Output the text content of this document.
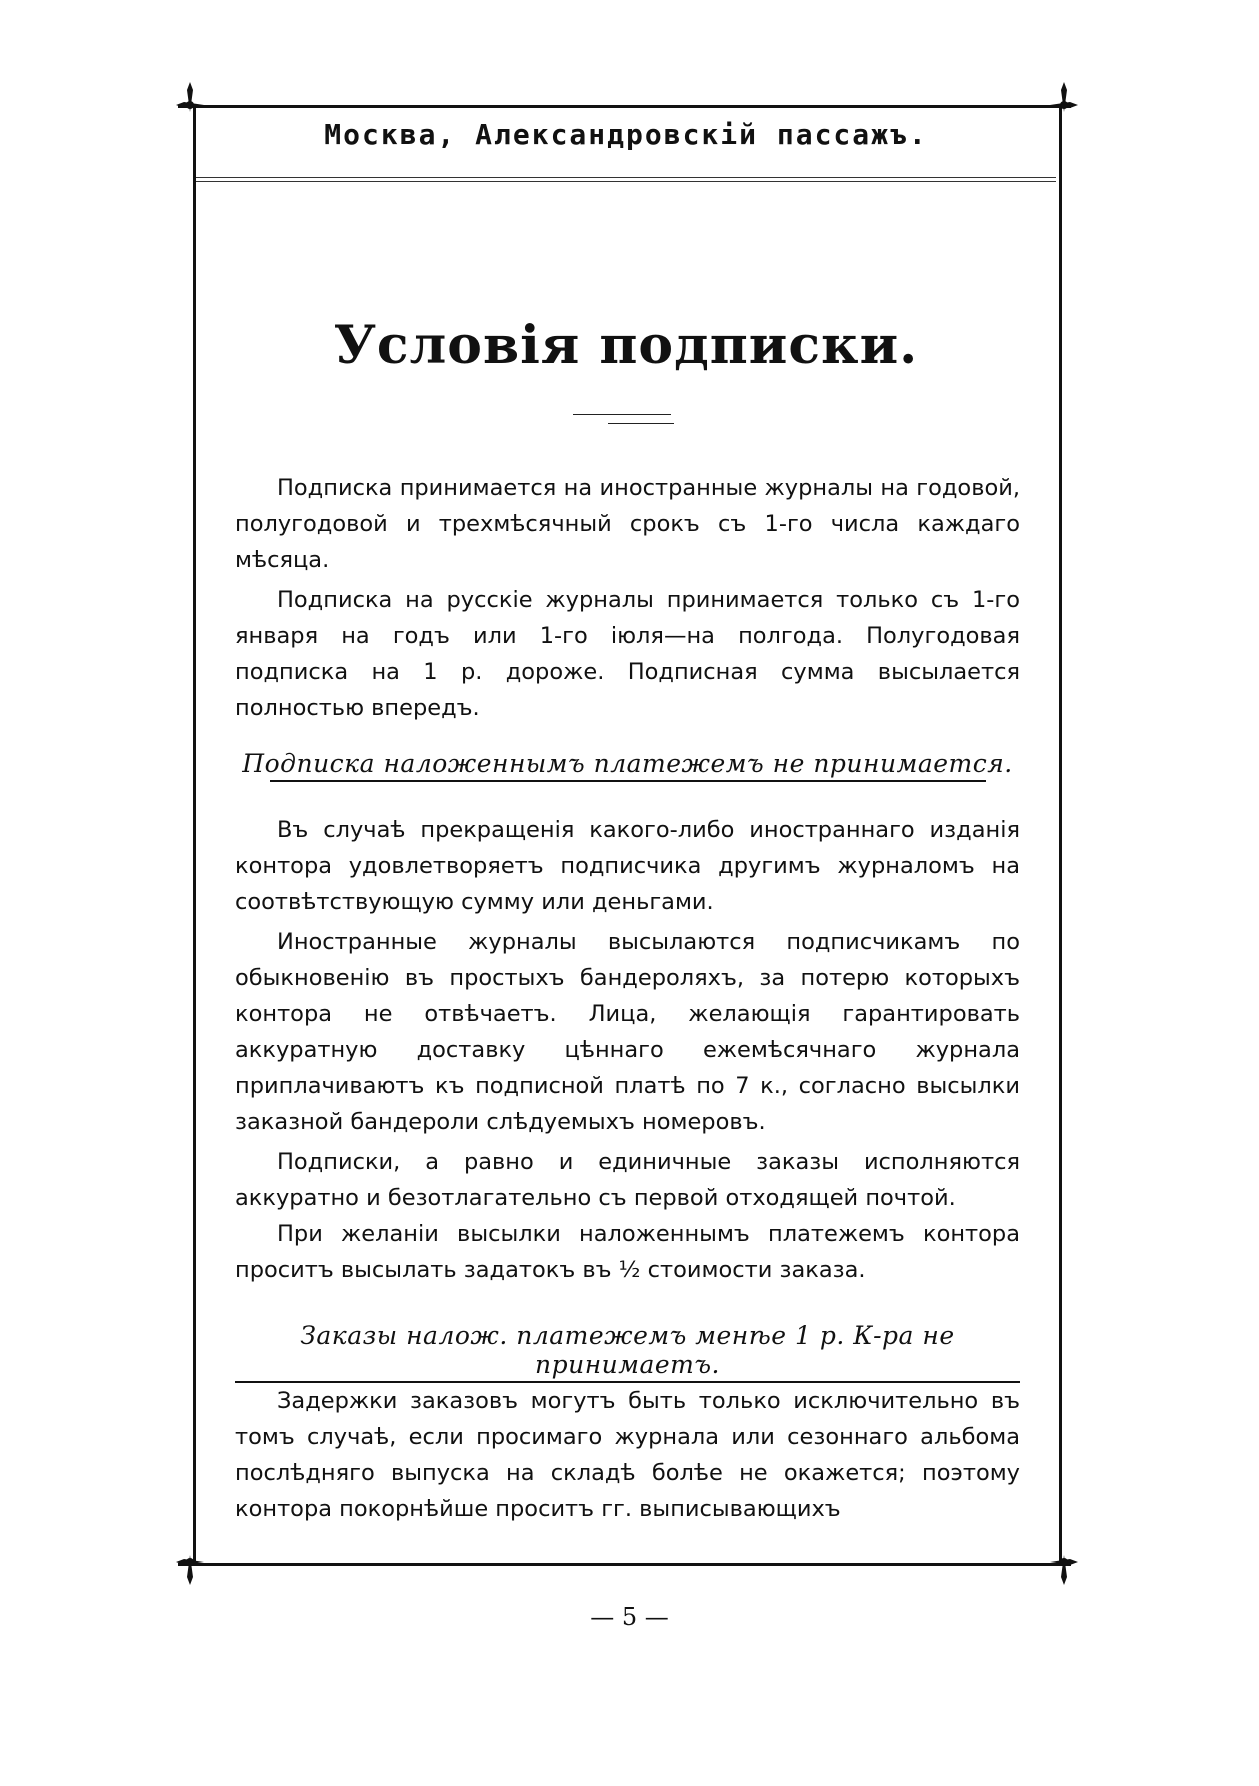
Москва, Александровскій пассажъ.
Условія подписки.

Подписка принимается на иностранные журналы на годовой, полугодовой и трехмѣсячный срокъ съ 1-го числа каждаго мѣсяца.

Подписка на русскіе журналы принимается только съ 1-го января на годъ или 1-го іюля—на полгода. Полугодовая подписка на 1 р. дороже. Подписная сумма высылается полностью впередъ.

Подписка наложеннымъ платежемъ не принимается.

Въ случаѣ прекращенія какого-либо иностраннаго изданія контора удовлетворяетъ подписчика другимъ журналомъ на соотвѣтствующую сумму или деньгами.

Иностранные журналы высылаются подписчикамъ по обыкновенію въ простыхъ бандероляхъ, за потерю которыхъ контора не отвѣчаетъ. Лица, желающія гарантировать аккуратную доставку цѣннаго ежемѣсячнаго журнала приплачиваютъ къ подписной платѣ по 7 к., согласно высылки заказной бандероли слѣдуемыхъ номеровъ.

Подписки, а равно и единичные заказы исполняются аккуратно и безотлагательно съ первой отходящей почтой.

При желаніи высылки наложеннымъ платежемъ контора проситъ высылать задатокъ въ ½ стоимости заказа.

Заказы налож. платежемъ менѣе 1 р. К-ра не принимаетъ.

Задержки заказовъ могутъ быть только исключительно въ томъ случаѣ, если просимаго журнала или сезоннаго альбома послѣдняго выпуска на складѣ болѣе не окажется; поэтому контора покорнѣйше проситъ гг. выписывающихъ

— 5 —
